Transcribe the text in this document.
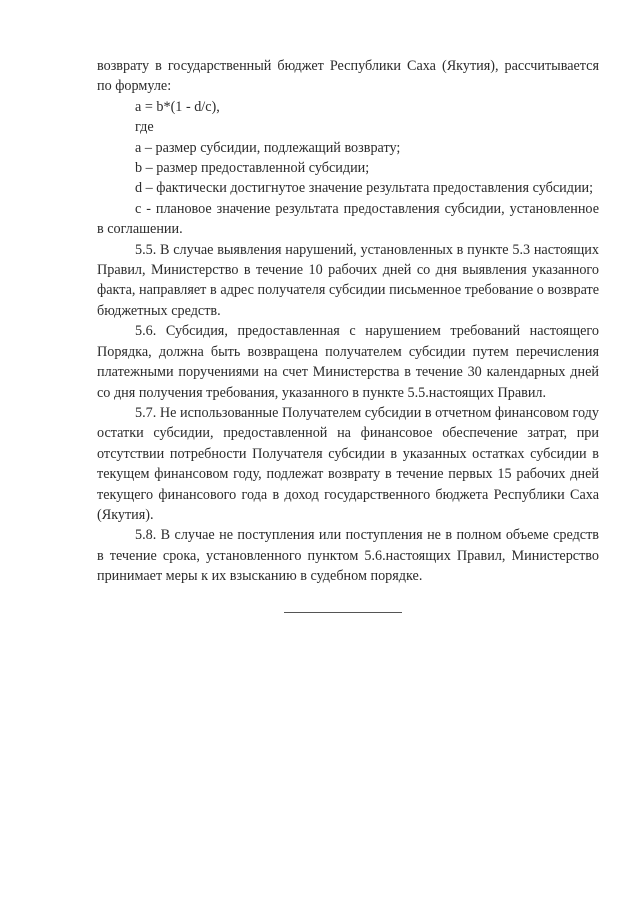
возврату в государственный бюджет Республики Саха (Якутия), рассчитывается по формуле:

a = b*(1 - d/c),

где

a – размер субсидии, подлежащий возврату;

b – размер предоставленной субсидии;

d – фактически достигнутое значение результата предоставления субсидии;

с - плановое значение результата предоставления субсидии, установленное в соглашении.

5.5. В случае выявления нарушений, установленных в пункте 5.3 настоящих Правил, Министерство в течение 10 рабочих дней со дня выявления указанного факта, направляет в адрес получателя субсидии письменное требование о возврате бюджетных средств.

5.6. Субсидия, предоставленная с нарушением требований настоящего Порядка, должна быть возвращена получателем субсидии путем перечисления платежными поручениями на счет Министерства в течение 30 календарных дней со дня получения требования, указанного в пункте 5.5.настоящих Правил.

5.7. Не использованные Получателем субсидии в отчетном финансовом году остатки субсидии, предоставленной на финансовое обеспечение затрат, при отсутствии потребности Получателя субсидии в указанных остатках субсидии в текущем финансовом году, подлежат возврату в течение первых 15 рабочих дней текущего финансового года в доход государственного бюджета Республики Саха (Якутия).

5.8. В случае не поступления или поступления не в полном объеме средств в течение срока, установленного пунктом 5.6.настоящих Правил, Министерство принимает меры к их взысканию в судебном порядке.
